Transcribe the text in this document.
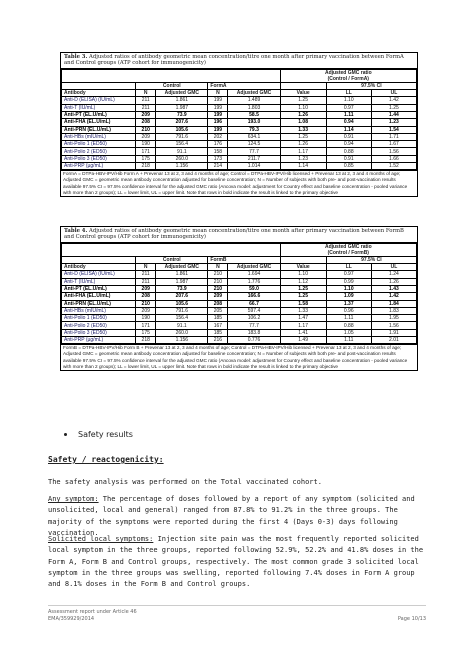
Table 3. Adjusted ratios of antibody geometric mean concentration/titre one month after primary vaccination between FormA and Control groups (ATP cohort for immunogenicity)

					Adjusted GMC ratio
(Control / FormA)		

	Control		FormA			97.5% CI	
Antibody	N	Adjusted GMC	N	Adjusted GMC	Value	LL	UL
Anti-D (ELISA) (IU/mL)	211	1.861	199	1.489	1.25	1.10	1.42
Anti-T (IU/mL)	211	1.987	199	1.803	1.10	0.97	1.25
Anti-PT (EL.U/mL)	209	73.9	199	58.5	1.26	1.11	1.44
Anti-FHA (EL.U/mL)	208	207.6	196	193.0	1.08	0.94	1.23
Anti-PRN (EL.U/mL)	210	105.6	199	79.3	1.33	1.14	1.54
Anti-HBs (mIU/mL)	209	791.6	202	634.1	1.25	0.91	1.71
Anti-Polio 1 (ED50)	190	156.4	176	124.5	1.26	0.94	1.67
Anti-Polio 2 (ED50)	171	91.1	158	77.7	1.17	0.88	1.56
Anti-Polio 3 (ED50)	175	260.0	173	211.7	1.23	0.91	1.66
Anti-PRP (µg/mL)	218	1.156	214	1.014	1.14	0.85	1.52
FormA = DTPa-HBV-IPV/Hib Form A + Prevenar 13 at 2, 3 and 4 months of age; Control = DTPa-HBV-IPV/Hib licensed + Prevenar 13 at 2, 3 and 4 months of age; Adjusted GMC = geometric mean antibody concentration adjusted for baseline concentration; N = Number of subjects with both pre- and post-vaccination results available 97.5% CI = 97.5% confidence interval for the adjusted GMC ratio (Ancova model: adjustment for Country effect and baseline concentration - pooled variance with more than 2 groups); LL = lower limit, UL = upper limit. Note that rows in bold indicate the result is linked to the primary objective
Table 4. Adjusted ratios of antibody geometric mean concentration/titre one month after primary vaccination between FormB and Control groups (ATP cohort for immunogenicity)

					Adjusted GMC ratio
(Control / FormB)		

	Control		FormB			97.5% CI	
Antibody	N	Adjusted GMC	N	Adjusted GMC	Value	LL	UL
Anti-D (ELISA) (IU/mL)	211	1.861	210	1.694	1.10	0.97	1.24
Anti-T (IU/mL)	211	1.987	210	1.776	1.12	0.99	1.26
Anti-PT (EL.U/mL)	209	73.9	210	59.0	1.25	1.10	1.43
Anti-FHA (EL.U/mL)	208	207.6	209	166.6	1.25	1.09	1.42
Anti-PRN (EL.U/mL)	210	105.6	208	66.7	1.58	1.37	1.84
Anti-HBs (mIU/mL)	209	791.6	205	597.4	1.33	0.96	1.83
Anti-Polio 1 (ED50)	190	156.4	185	106.2	1.47	1.11	1.95
Anti-Polio 2 (ED50)	171	91.1	167	77.7	1.17	0.88	1.56
Anti-Polio 3 (ED50)	175	260.0	185	183.8	1.41	1.05	1.91
Anti-PRP (µg/mL)	218	1.156	216	0.776	1.49	1.11	2.01
FormB = DTPa-HBV-IPV/Hib Form B + Prevenar 13 at 2, 3 and 4 months of age; Control = DTPa-HBV-IPV/Hib licensed + Prevenar 13 at 2, 3 and 4 months of age; Adjusted GMC = geometric mean antibody concentration adjusted for baseline concentration; N = Number of subjects with both pre- and post-vaccination results available 97.5% CI = 97.5% confidence interval for the adjusted GMC ratio (Ancova model: adjustment for Country effect and baseline concentration - pooled variance with more than 2 groups); LL = lower limit, UL = upper limit. Note that rows in bold indicate the result is linked to the primary objective
Safety results
Safety / reactogenicity:
The safety analysis was performed on the Total vaccinated cohort.
Any symptom: The percentage of doses followed by a report of any symptom (solicited and unsolicited, local and general) ranged from 87.8% to 91.2% in the three groups. The majority of the symptoms were reported during the first 4 (Days 0-3) days following vaccination.
Solicited local symptoms: Injection site pain was the most frequently reported solicited local symptom in the three groups, reported following 52.9%, 52.2% and 41.8% doses in the Form A, Form B and Control groups, respectively. The most common grade 3 solicited local symptom in the three groups was swelling, reported following 7.4% doses in Form A group and 8.1% doses in the Form B and Control groups.
Assessment report under Article 46
EMA/359929/2014	Page 10/13
